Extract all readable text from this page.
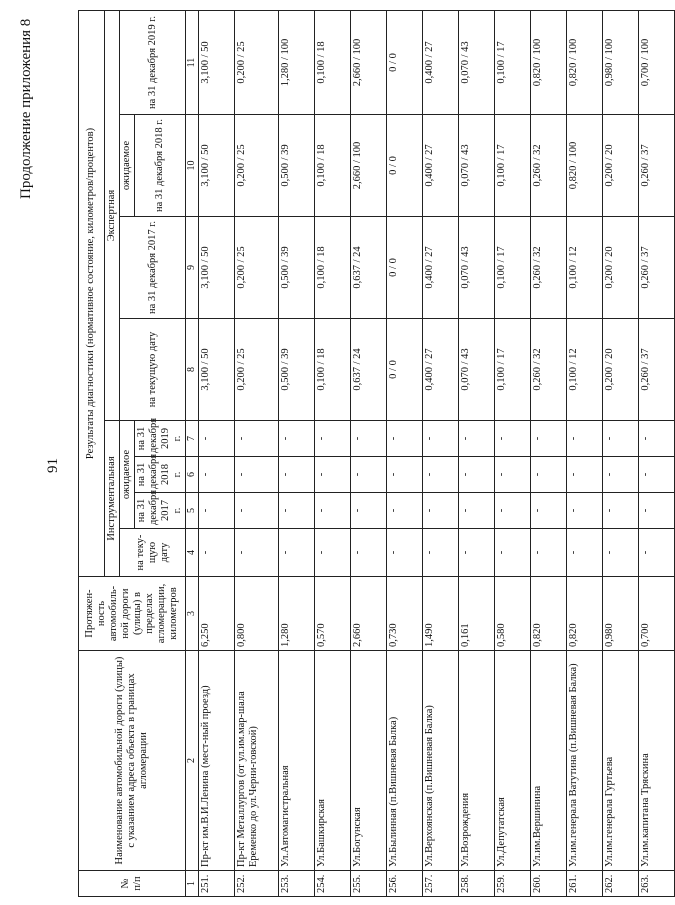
91
Продолжение приложения 8
№ п/п	Наименование автомобильной дороги (улицы) с указанием адреса объекта в границах агломерации	Протяжен-ность автомобиль-ной дороги (улицы) в пределах агломерации, километров	Результаты диагностики (нормативное состояние, километров/процентов)							
			Инструментальная				Экспертная			
			на теку-щую дату	ожидаемое			на текущую дату	на 31 декабря 2017 г.	ожидаемое	на 31 декабря 2019 г.
				на 31 декабря 2017 г.	на 31 декабря 2018 г.	на 31 декабря 2019 г.			на 31 декабря 2018 г.	
1	2	3	4	5	6	7	8	9	10	11
251.	Пр-кт им.В.И.Ленина (мест-ный проезд)	6,250	-	-	-	-	3,100 / 50	3,100 / 50	3,100 / 50	3,100 / 50
252.	Пр-кт Металлургов (от ул.им.мар-шала Еременко до ул.Черни-говской)	0,800	-	-	-	-	0,200 / 25	0,200 / 25	0,200 / 25	0,200 / 25
253.	Ул.Автомагистральная	1,280	-	-	-	-	0,500 / 39	0,500 / 39	0,500 / 39	1,280 / 100
254.	Ул.Башкирская	0,570	-	-	-	-	0,100 / 18	0,100 / 18	0,100 / 18	0,100 / 18
255.	Ул.Богунская	2,660	-	-	-	-	0,637 / 24	0,637 / 24	2,660 / 100	2,660 / 100
256.	Ул.Былинная (п.Вишневая Балка)	0,730	-	-	-	-	0 / 0	0 / 0	0 / 0	0 / 0
257.	Ул.Верхоянская (п.Вишневая Балка)	1,490	-	-	-	-	0,400 / 27	0,400 / 27	0,400 / 27	0,400 / 27
258.	Ул.Возрождения	0,161	-	-	-	-	0,070 / 43	0,070 / 43	0,070 / 43	0,070 / 43
259.	Ул.Депутатская	0,580	-	-	-	-	0,100 / 17	0,100 / 17	0,100 / 17	0,100 / 17
260.	Ул.им.Вершинина	0,820	-	-	-	-	0,260 / 32	0,260 / 32	0,260 / 32	0,820 / 100
261.	Ул.им.генерала Ватутина (п.Вишневая Балка)	0,820	-	-	-	-	0,100 / 12	0,100 / 12	0,820 / 100	0,820 / 100
262.	Ул.им.генерала Гуртьева	0,980	-	-	-	-	0,200 / 20	0,200 / 20	0,200 / 20	0,980 / 100
263.	Ул.им.капитана Тряскина	0,700	-	-	-	-	0,260 / 37	0,260 / 37	0,260 / 37	0,700 / 100
